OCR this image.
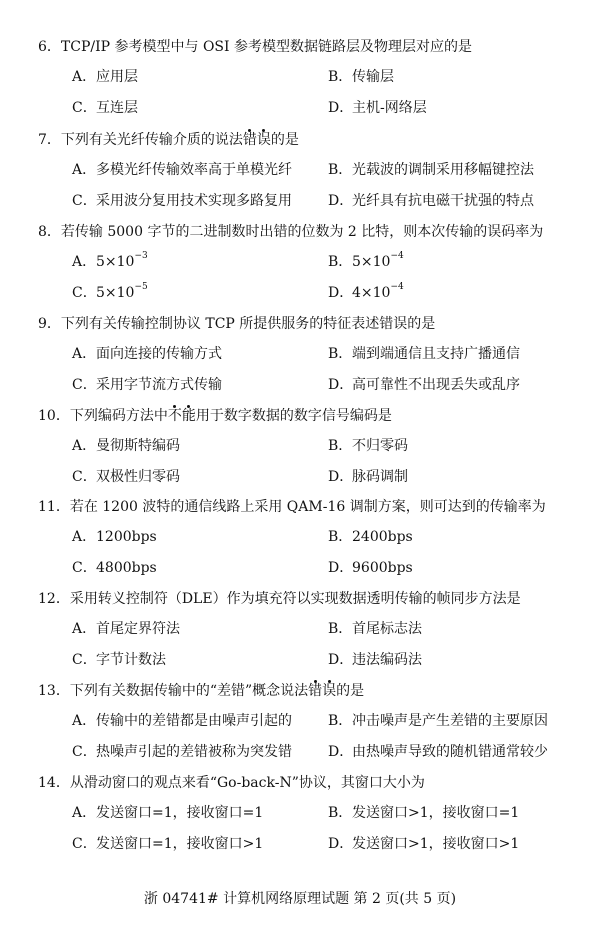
6．TCP/IP 参考模型中与 OSI 参考模型数据链路层及物理层对应的是
A．应用层	B．传输层
C．互连层	D．主机-网络层
7．下列有关光纤传输介质的说法错误的是
A．多模光纤传输效率高于单模光纤	B．光载波的调制采用移幅键控法
C．采用波分复用技术实现多路复用	D．光纤具有抗电磁干扰强的特点
8．若传输 5000 字节的二进制数时出错的位数为 2 比特，则本次传输的误码率为
A．$5\times 10^{-3}$	B．$5\times 10^{-4}$
C．$5\times 10^{-5}$	D．$4\times 10^{-4}$
9．下列有关传输控制协议 TCP 所提供服务的特征表述错误的是
A．面向连接的传输方式	B．端到端通信且支持广播通信
C．采用字节流方式传输	D．高可靠性不出现丢失或乱序
10．下列编码方法中不能用于数字数据的数字信号编码是
A．曼彻斯特编码	B．不归零码
C．双极性归零码	D．脉码调制
11．若在 1200 波特的通信线路上采用 QAM-16 调制方案，则可达到的传输率为
A．1200bps	B．2400bps
C．4800bps	D．9600bps
12．采用转义控制符（DLE）作为填充符以实现数据透明传输的帧同步方法是
A．首尾定界符法	B．首尾标志法
C．字节计数法	D．违法编码法
13．下列有关数据传输中的“差错”概念说法错误的是
A．传输中的差错都是由噪声引起的	B．冲击噪声是产生差错的主要原因
C．热噪声引起的差错被称为突发错	D．由热噪声导致的随机错通常较少
14．从滑动窗口的观点来看“Go-back-N”协议，其窗口大小为
A．发送窗口=1，接收窗口=1	B．发送窗口>1，接收窗口=1
C．发送窗口=1，接收窗口>1	D．发送窗口>1，接收窗口>1
浙 04741# 计算机网络原理试题 第 2 页(共 5 页)
